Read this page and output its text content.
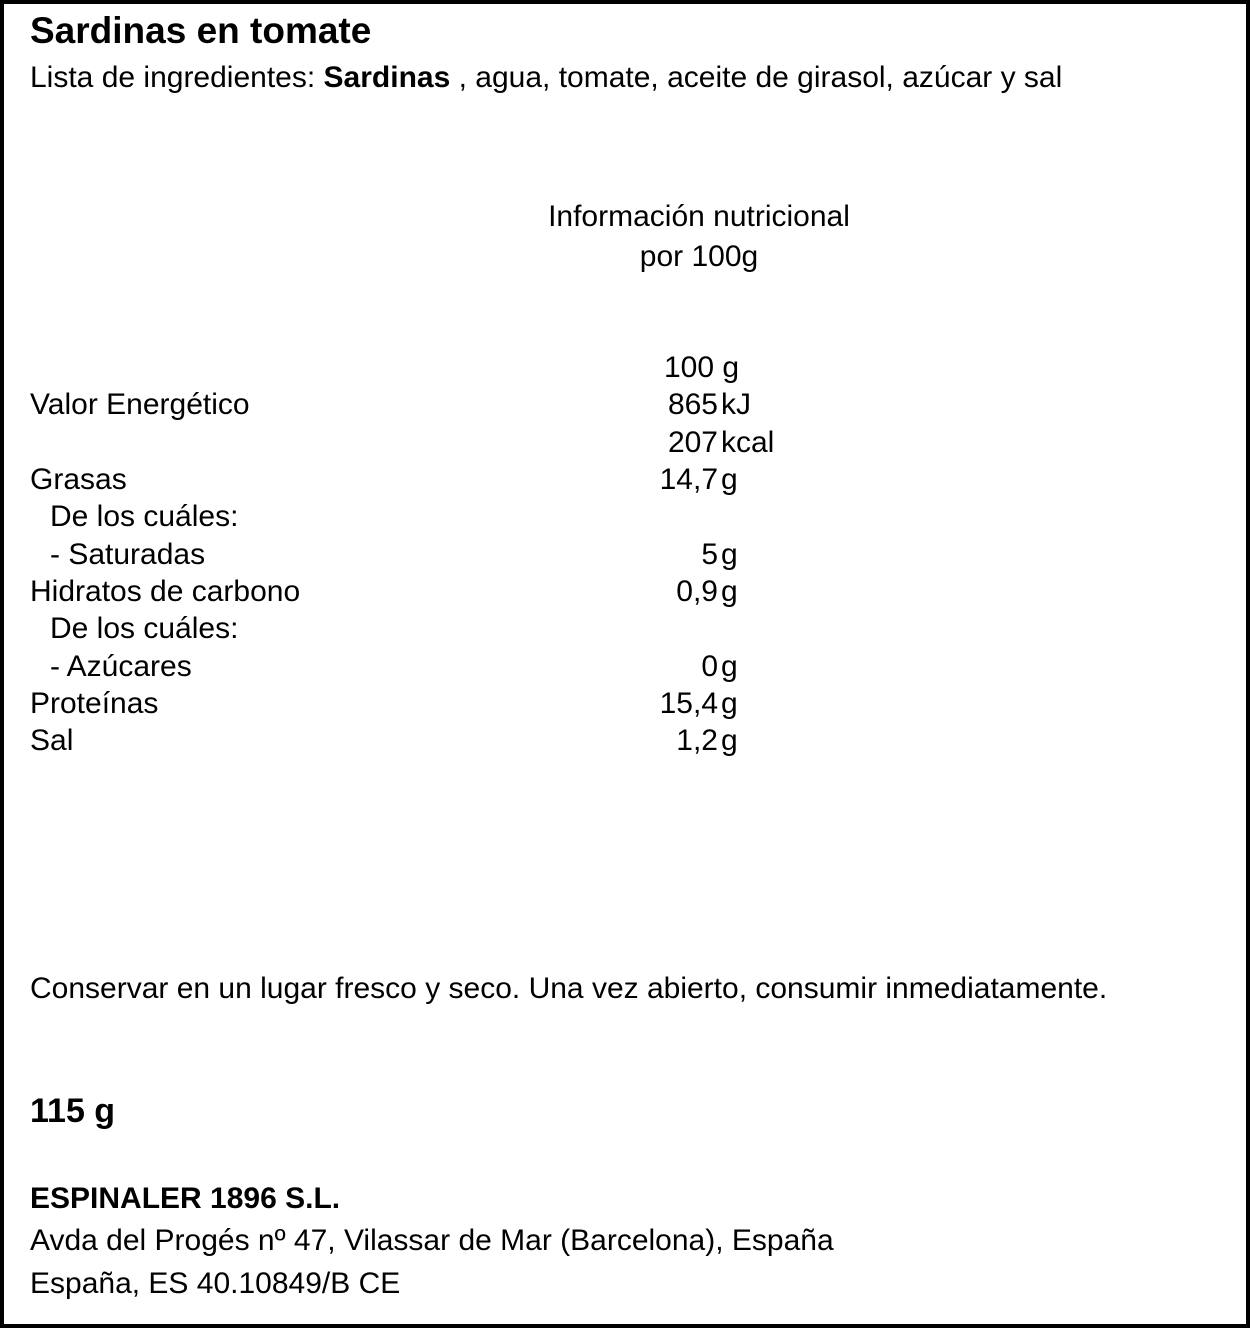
Sardinas en tomate
Lista de ingredientes: Sardinas , agua, tomate, aceite de girasol, azúcar y sal
Información nutricional
por 100g
100 g
Valor Energético	865 kJ
207 kcal
Grasas	14,7 g
De los cuáles:
- Saturadas	5 g
Hidratos de carbono	0,9 g
De los cuáles:
- Azúcares	0 g
Proteínas	15,4 g
Sal	1,2 g
Conservar en un lugar fresco y seco. Una vez abierto, consumir inmediatamente.
115 g
ESPINALER 1896 S.L.
Avda del Progés nº 47, Vilassar de Mar (Barcelona), España
España, ES 40.10849/B CE
